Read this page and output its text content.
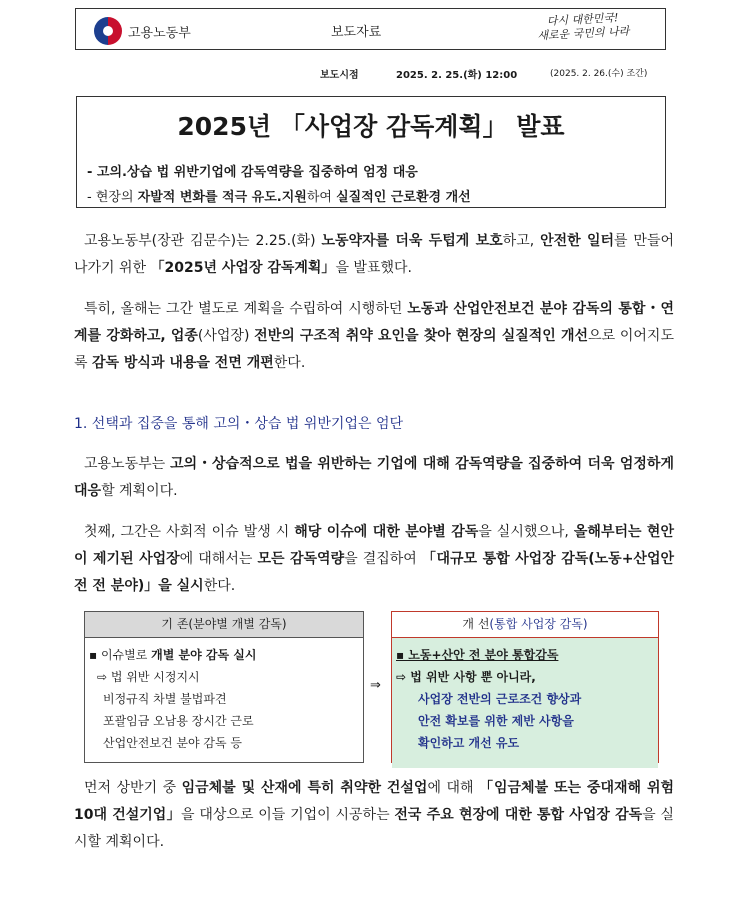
고용노동부	보도자료
다시 대한민국!
새로운 국민의 나라
보도시점	2025. 2. 25.(화) 12:00	(2025. 2. 26.(수) 조간)
2025년 「사업장 감독계획」 발표
- 고의.상습 법 위반기업에 감독역량을 집중하여 엄정 대응
- 현장의 자발적 변화를 적극 유도.지원하여 실질적인 근로환경 개선
고용노동부(장관 김문수)는 2.25.(화) 노동약자를 더욱 두텁게 보호하고, 안전한 일터를 만들어 나가기 위한 「2025년 사업장 감독계획」을 발표했다.
특히, 올해는 그간 별도로 계획을 수립하여 시행하던 노동과 산업안전보건 분야 감독의 통합・연계를 강화하고, 업종(사업장) 전반의 구조적 취약 요인을 찾아 현장의 실질적인 개선으로 이어지도록 감독 방식과 내용을 전면 개편한다.
1. 선택과 집중을 통해 고의・상습 법 위반기업은 엄단
고용노동부는 고의・상습적으로 법을 위반하는 기업에 대해 감독역량을 집중하여 더욱 엄정하게 대응할 계획이다.
첫째, 그간은 사회적 이슈 발생 시 해당 이슈에 대한 분야별 감독을 실시했으나, 올해부터는 현안이 제기된 사업장에 대해서는 모든 감독역량을 결집하여 「대규모 통합 사업장 감독(노동+산업안전 전 분야)」을 실시한다.
기 존(분야별 개별 감독)
▪ 이슈별로 개별 분야 감독 실시
⇨ 법 위반 시정지시
비정규직 차별 불법파견
포괄임금 오남용 장시간 근로
산업안전보건 분야 감독 등
⇒
개 선(통합 사업장 감독)
▪ 노동+산안 전 분야 통합감독
⇨ 법 위반 사항 뿐 아니라,
사업장 전반의 근로조건 향상과
안전 확보를 위한 제반 사항을
확인하고 개선 유도
먼저 상반기 중 임금체불 및 산재에 특히 취약한 건설업에 대해 「임금체불 또는 중대재해 위험 10대 건설기업」을 대상으로 이들 기업이 시공하는 전국 주요 현장에 대한 통합 사업장 감독을 실시할 계획이다.
